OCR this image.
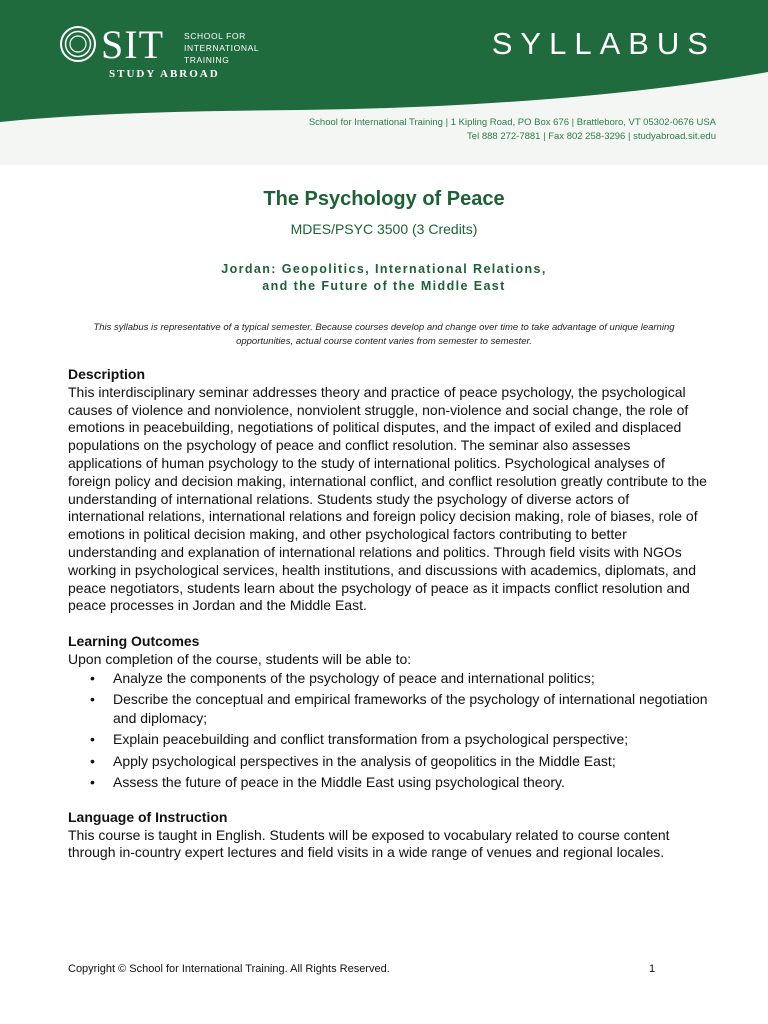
SIT SCHOOL FOR
INTERNATIONAL
TRAINING
STUDY ABROAD
SYLLABUS
School for International Training | 1 Kipling Road, PO Box 676 | Brattleboro, VT 05302-0676 USA
Tel 888 272-7881 | Fax 802 258-3296 | studyabroad.sit.edu
The Psychology of Peace
MDES/PSYC 3500 (3 Credits)
Jordan: Geopolitics, International Relations,
and the Future of the Middle East
This syllabus is representative of a typical semester. Because courses develop and change over time to take advantage of unique learning opportunities, actual course content varies from semester to semester.
Description

This interdisciplinary seminar addresses theory and practice of peace psychology, the psychological causes of violence and nonviolence, nonviolent struggle, non-violence and social change, the role of emotions in peacebuilding, negotiations of political disputes, and the impact of exiled and displaced populations on the psychology of peace and conflict resolution. The seminar also assesses applications of human psychology to the study of international politics. Psychological analyses of foreign policy and decision making, international conflict, and conflict resolution greatly contribute to the understanding of international relations. Students study the psychology of diverse actors of international relations, international relations and foreign policy decision making, role of biases, role of emotions in political decision making, and other psychological factors contributing to better understanding and explanation of international relations and politics. Through field visits with NGOs working in psychological services, health institutions, and discussions with academics, diplomats, and peace negotiators, students learn about the psychology of peace as it impacts conflict resolution and peace processes in Jordan and the Middle East.

Learning Outcomes

Upon completion of the course, students will be able to:

• Analyze the components of the psychology of peace and international politics;
• Describe the conceptual and empirical frameworks of the psychology of international negotiation and diplomacy;
• Explain peacebuilding and conflict transformation from a psychological perspective;
• Apply psychological perspectives in the analysis of geopolitics in the Middle East;
• Assess the future of peace in the Middle East using psychological theory.
Language of Instruction

This course is taught in English. Students will be exposed to vocabulary related to course content through in-country expert lectures and field visits in a wide range of venues and regional locales.

Copyright © School for International Training. All Rights Reserved.	1
